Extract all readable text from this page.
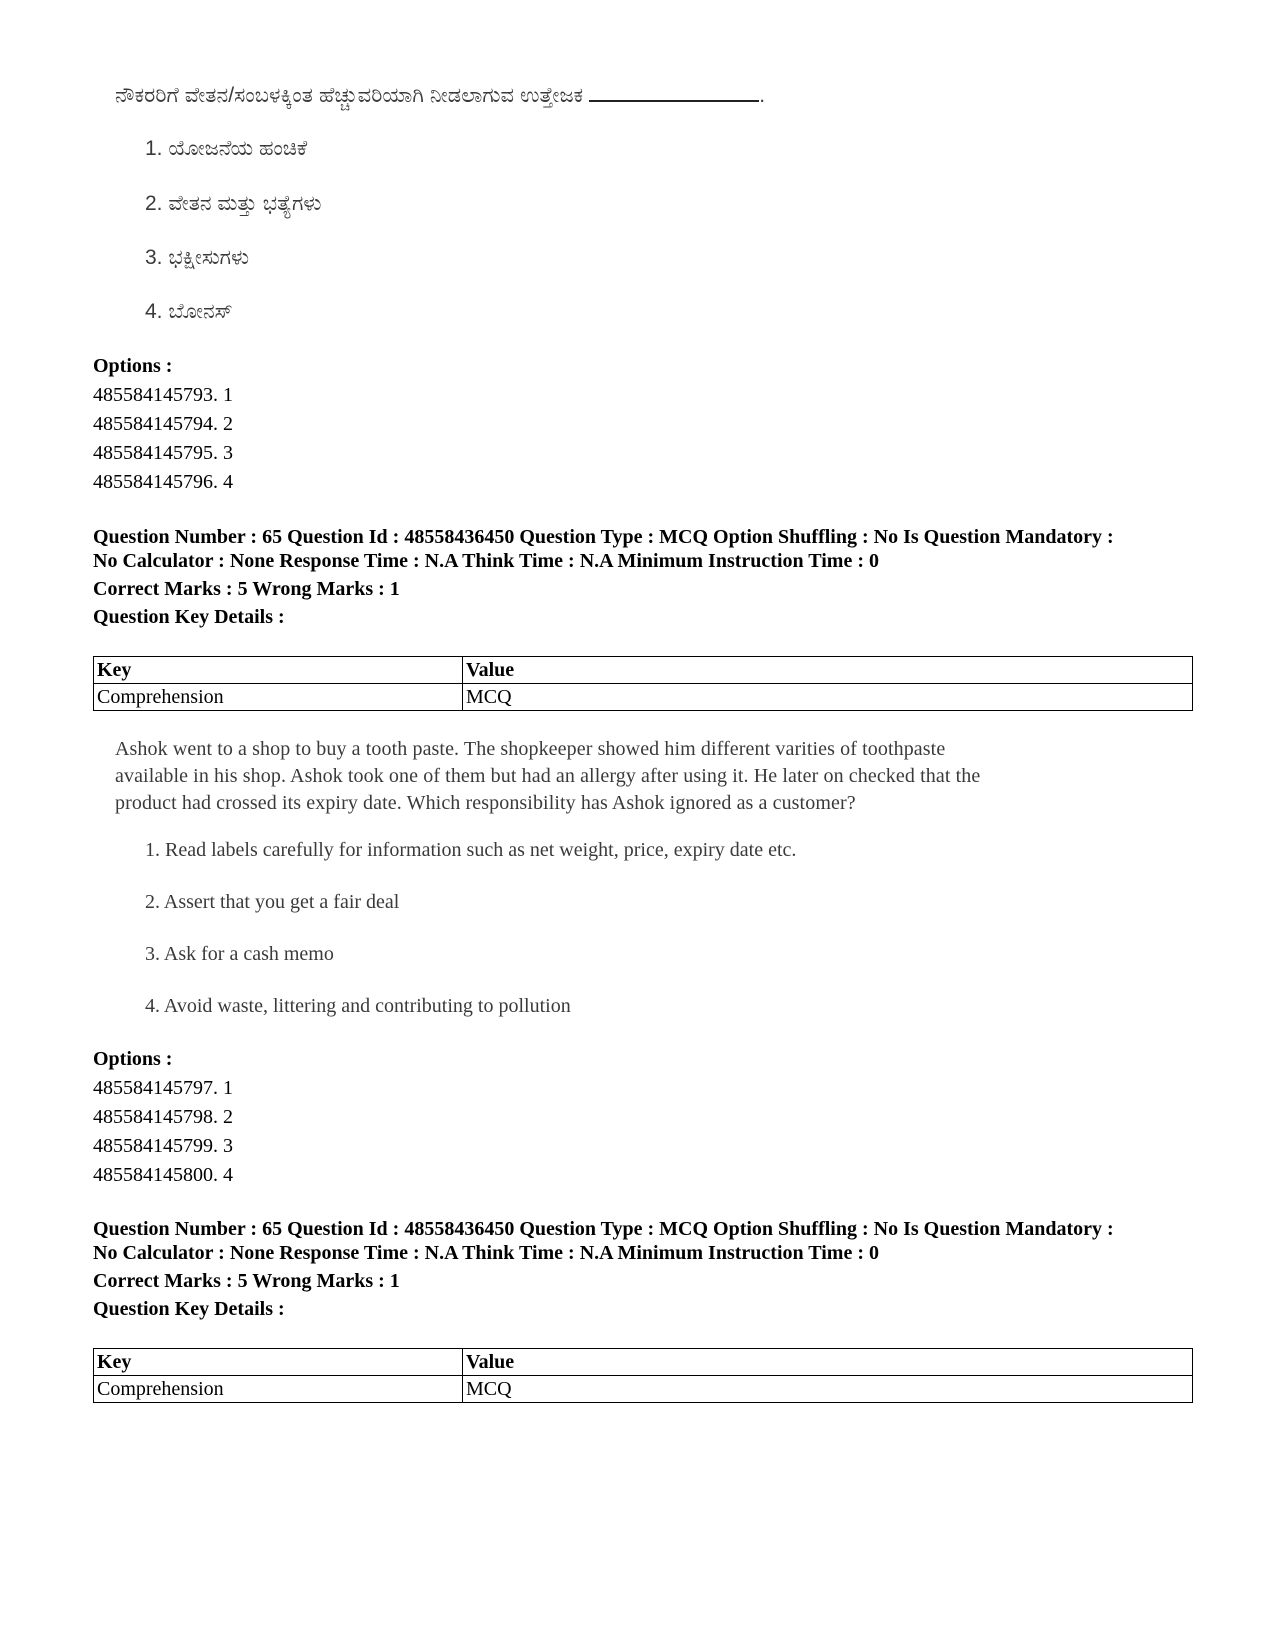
ನೌಕರರಿಗೆ ವೇತನ/ಸಂಬಳಕ್ಕಿಂತ ಹೆಚ್ಚುವರಿಯಾಗಿ ನೀಡಲಾಗುವ ಉತ್ತೇಜಕ	.
1. ಯೋಜನೆಯ ಹಂಚಿಕೆ
2. ವೇತನ ಮತ್ತು ಭತ್ಯೆಗಳು
3. ಭಕ್ಷೀಸುಗಳು
4. ಬೋನಸ್
Options :
485584145793. 1
485584145794. 2
485584145795. 3
485584145796. 4
Question Number : 65 Question Id : 48558436450 Question Type : MCQ Option Shuffling : No Is Question Mandatory :
No Calculator : None Response Time : N.A Think Time : N.A Minimum Instruction Time : 0
Correct Marks : 5 Wrong Marks : 1
Question Key Details :
Key	Value
Comprehension	MCQ
Ashok went to a shop to buy a tooth paste. The shopkeeper showed him different varities of toothpaste
available in his shop. Ashok took one of them but had an allergy after using it. He later on checked that the
product had crossed its expiry date. Which responsibility has Ashok ignored as a customer?
1. Read labels carefully for information such as net weight, price, expiry date etc.
2. Assert that you get a fair deal
3. Ask for a cash memo
4. Avoid waste, littering and contributing to pollution
Options :
485584145797. 1
485584145798. 2
485584145799. 3
485584145800. 4
Question Number : 65 Question Id : 48558436450 Question Type : MCQ Option Shuffling : No Is Question Mandatory :
No Calculator : None Response Time : N.A Think Time : N.A Minimum Instruction Time : 0
Correct Marks : 5 Wrong Marks : 1
Question Key Details :
Key	Value
Comprehension	MCQ
